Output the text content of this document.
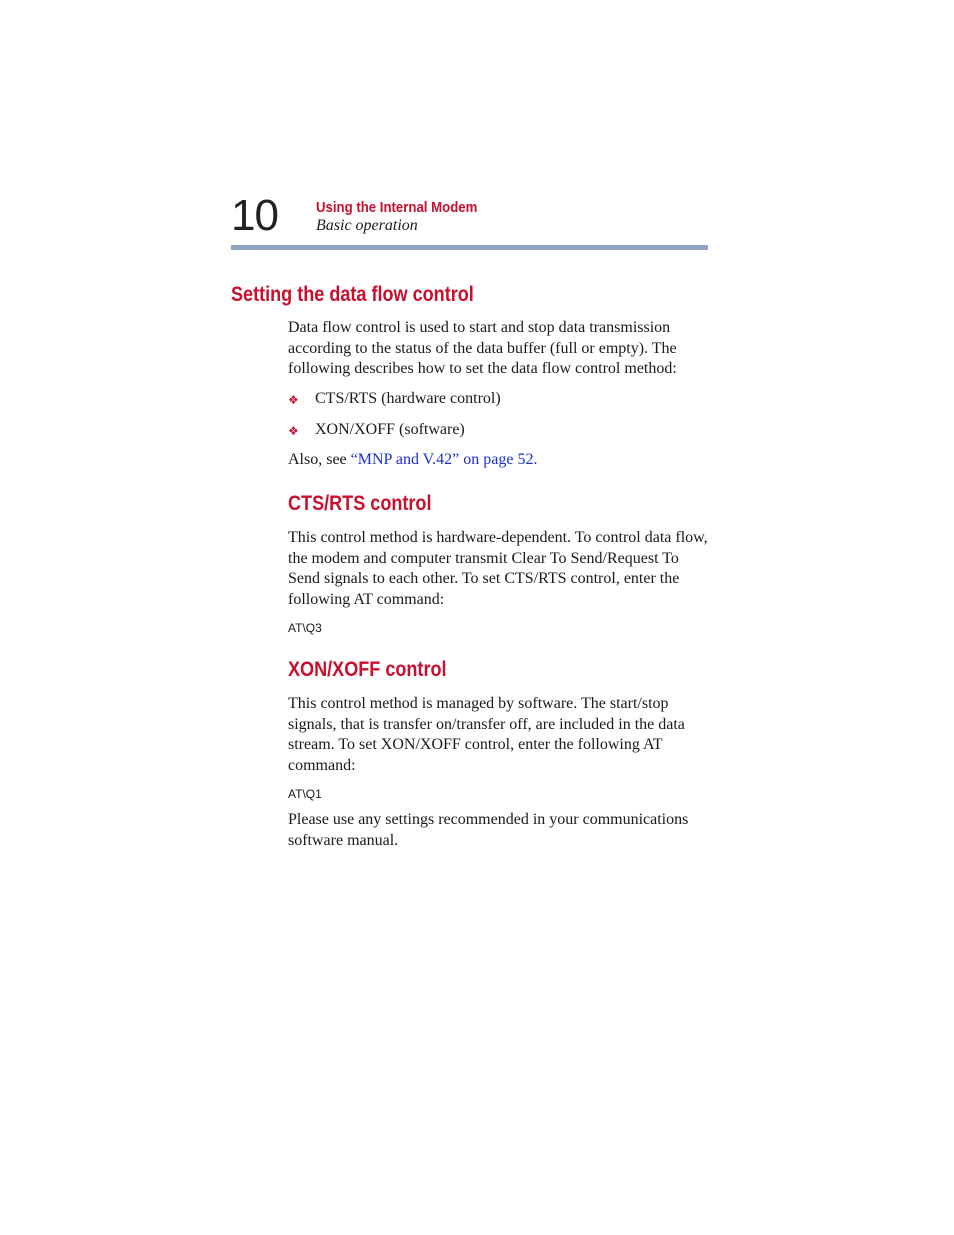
10	Using the Internal Modem
Basic operation
Setting the data flow control

Data flow control is used to start and stop data transmission according to the status of the data buffer (full or empty). The following describes how to set the data flow control method:

❖ CTS/RTS (hardware control)
❖ XON/XOFF (software)

Also, see “MNP and V.42” on page 52.

CTS/RTS control

This control method is hardware-dependent. To control data flow, the modem and computer transmit Clear To Send/Request To Send signals to each other. To set CTS/RTS control, enter the following AT command:

AT\Q3
XON/XOFF control

This control method is managed by software. The start/stop signals, that is transfer on/transfer off, are included in the data stream. To set XON/XOFF control, enter the following AT command:

AT\Q1

Please use any settings recommended in your communications software manual.
